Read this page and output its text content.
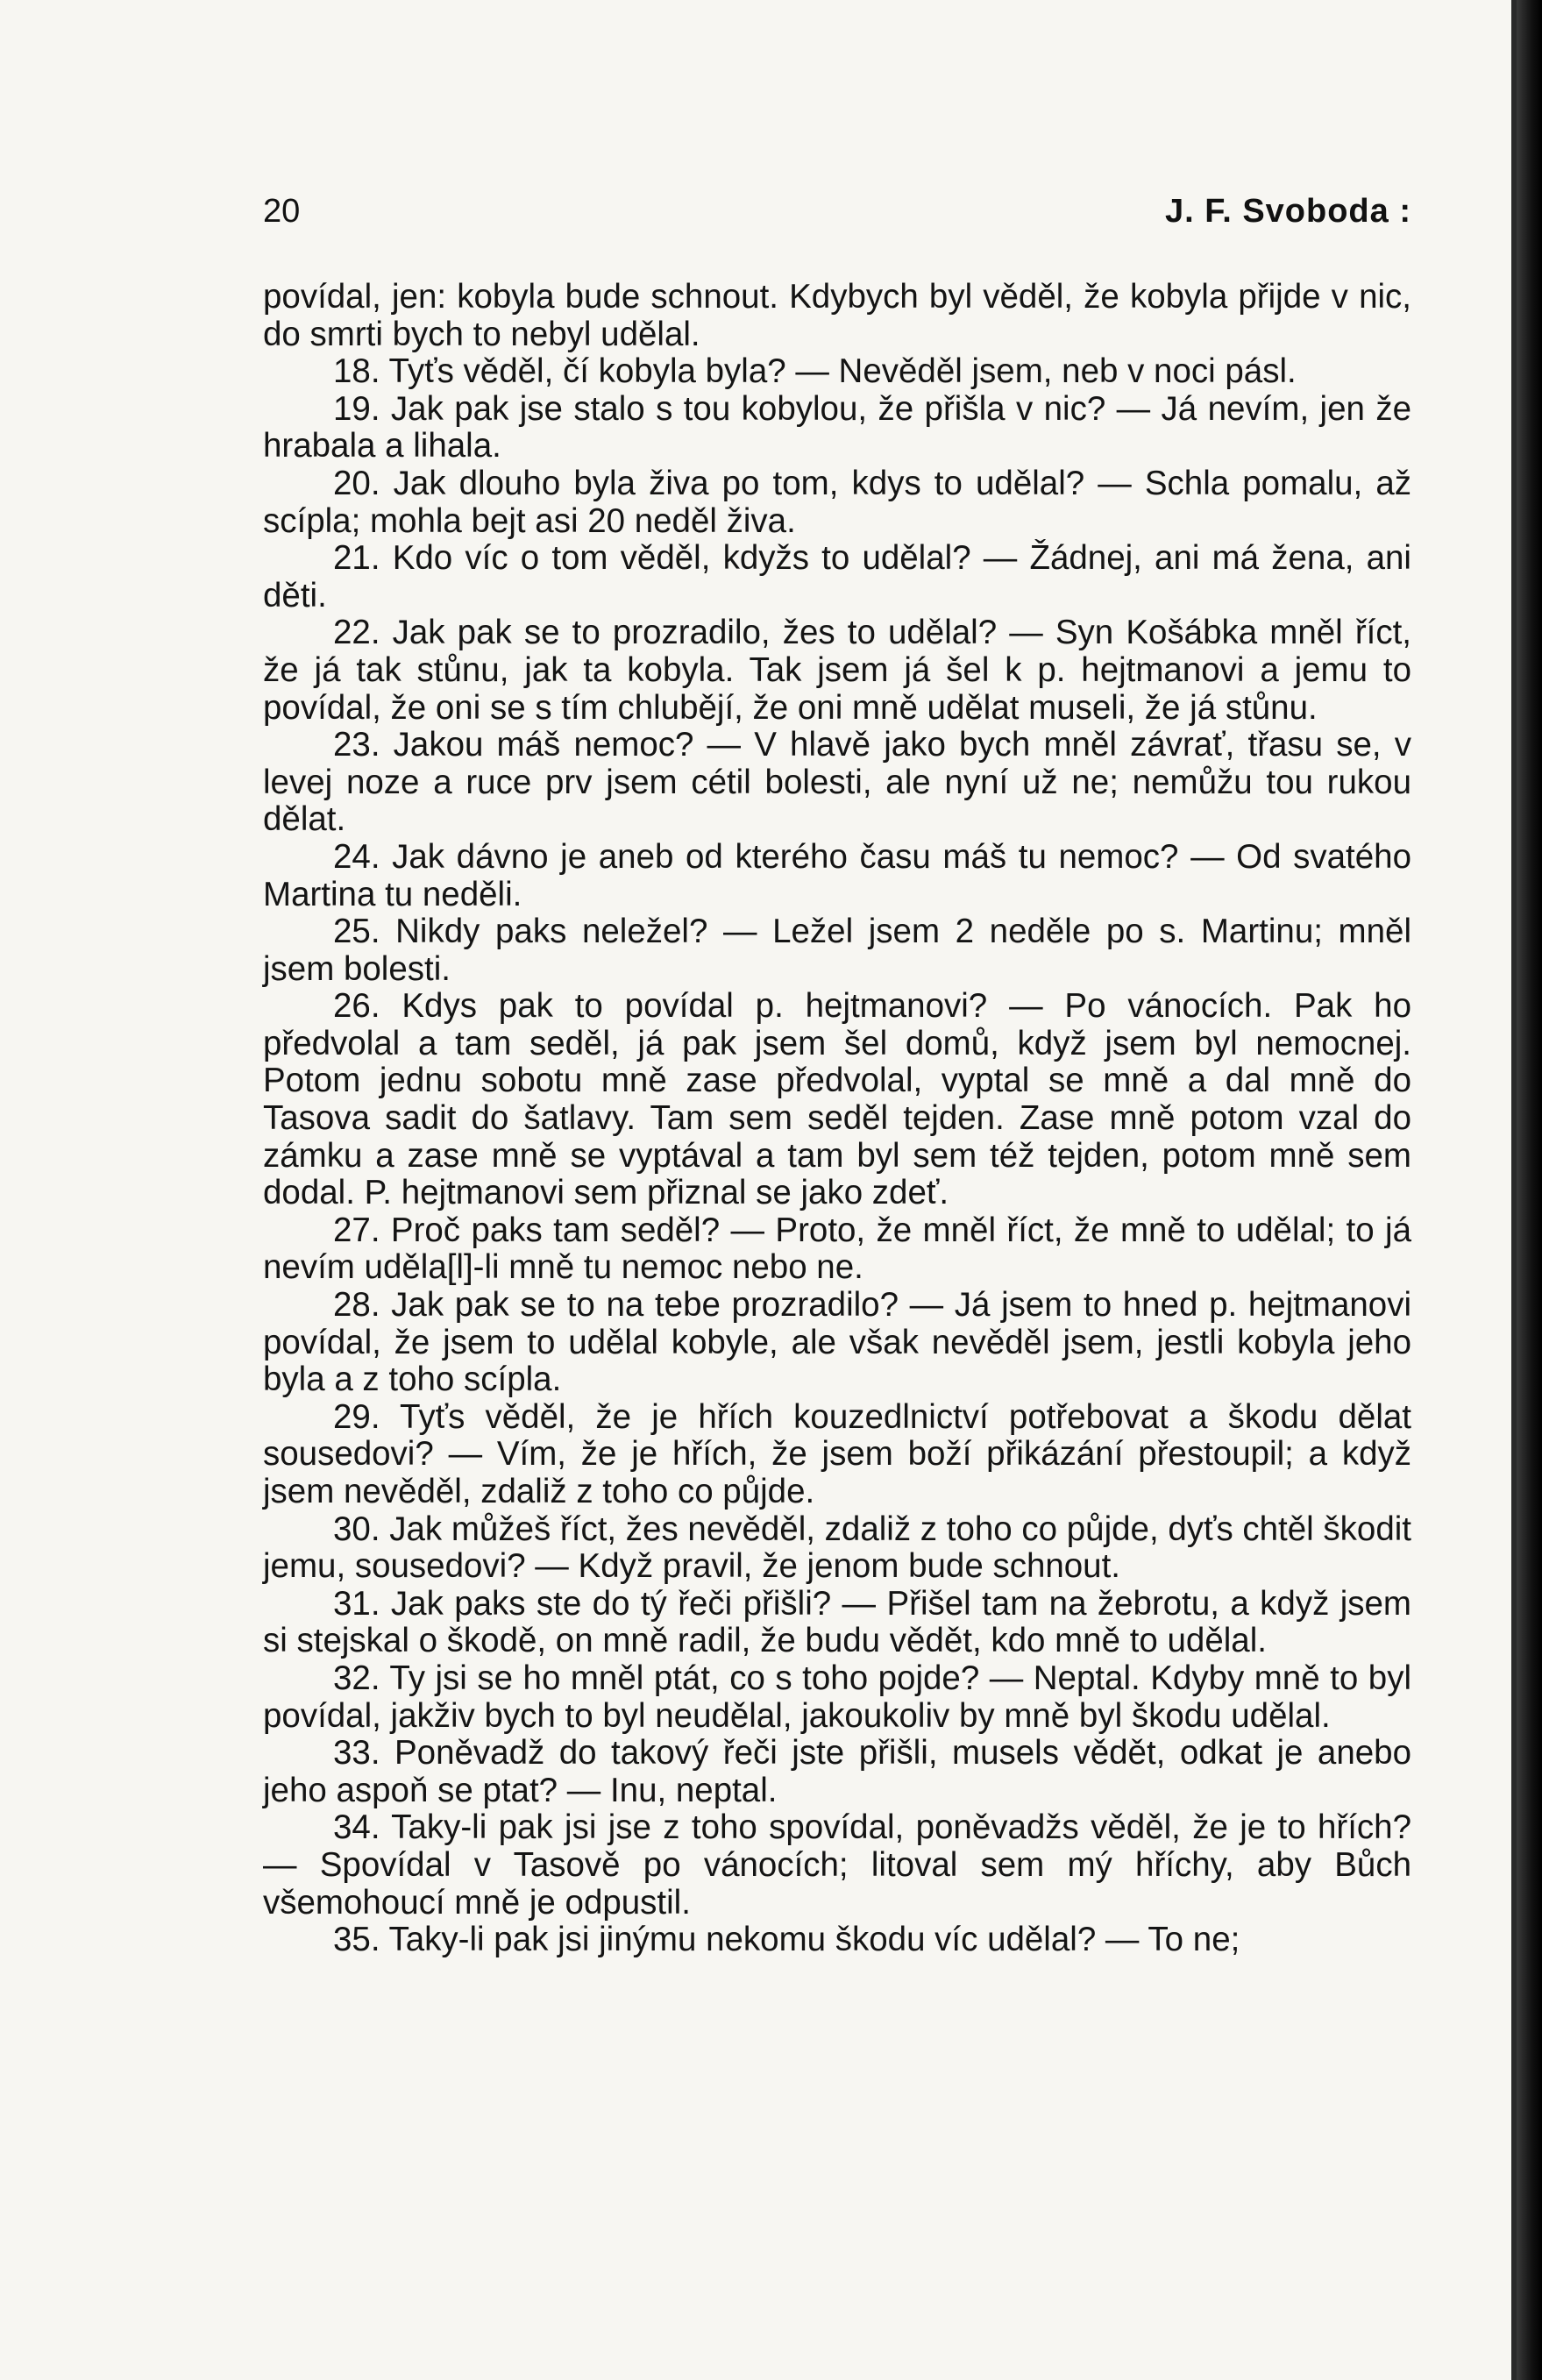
20	J. F. Svoboda :

povídal, jen: kobyla bude schnout. Kdybych byl věděl, že kobyla přijde v nic, do smrti bych to nebyl udělal.

18. Tyťs věděl, čí kobyla byla? — Nevěděl jsem, neb v noci pásl.

19. Jak pak jse stalo s tou kobylou, že přišla v nic? — Já nevím, jen že hrabala a lihala.

20. Jak dlouho byla živa po tom, kdys to udělal? — Schla pomalu, až scípla; mohla bejt asi 20 neděl živa.

21. Kdo víc o tom věděl, kdyžs to udělal? — Žádnej, ani má žena, ani děti.

22. Jak pak se to prozradilo, žes to udělal? — Syn Košábka mněl říct, že já tak stůnu, jak ta kobyla. Tak jsem já šel k p. hejtmanovi a jemu to povídal, že oni se s tím chlubějí, že oni mně udělat museli, že já stůnu.

23. Jakou máš nemoc? — V hlavě jako bych mněl závrať, třasu se, v levej noze a ruce prv jsem cétil bolesti, ale nyní už ne; nemůžu tou rukou dělat.

24. Jak dávno je aneb od kterého času máš tu nemoc? — Od svatého Martina tu neděli.

25. Nikdy paks neležel? — Ležel jsem 2 neděle po s. Martinu; mněl jsem bolesti.

26. Kdys pak to povídal p. hejtmanovi? — Po vánocích. Pak ho předvolal a tam seděl, já pak jsem šel domů, když jsem byl nemocnej. Potom jednu sobotu mně zase předvolal, vyptal se mně a dal mně do Tasova sadit do šatlavy. Tam sem seděl tejden. Zase mně potom vzal do zámku a zase mně se vyptával a tam byl sem též tejden, potom mně sem dodal. P. hejtmanovi sem přiznal se jako zdeť.

27. Proč paks tam seděl? — Proto, že mněl říct, že mně to udělal; to já nevím uděla[l]-li mně tu nemoc nebo ne.

28. Jak pak se to na tebe prozradilo? — Já jsem to hned p. hejtmanovi povídal, že jsem to udělal kobyle, ale však nevěděl jsem, jestli kobyla jeho byla a z toho scípla.

29. Tyťs věděl, že je hřích kouzedlnictví potřebovat a škodu dělat sousedovi? — Vím, že je hřích, že jsem boží přikázání přestoupil; a když jsem nevěděl, zdaliž z toho co půjde.

30. Jak můžeš říct, žes nevěděl, zdaliž z toho co půjde, dyťs chtěl škodit jemu, sousedovi? — Když pravil, že jenom bude schnout.

31. Jak paks ste do tý řeči přišli? — Přišel tam na žebrotu, a když jsem si stejskal o škodě, on mně radil, že budu vědět, kdo mně to udělal.

32. Ty jsi se ho mněl ptát, co s toho pojde? — Neptal. Kdyby mně to byl povídal, jakživ bych to byl neudělal, jakoukoliv by mně byl škodu udělal.

33. Poněvadž do takový řeči jste přišli, musels vědět, odkat je anebo jeho aspoň se ptat? — Inu, neptal.

34. Taky-li pak jsi jse z toho spovídal, poněvadžs věděl, že je to hřích? — Spovídal v Tasově po vánocích; litoval sem mý hříchy, aby Bůch všemohoucí mně je odpustil.

35. Taky-li pak jsi jinýmu nekomu škodu víc udělal? — To ne;
